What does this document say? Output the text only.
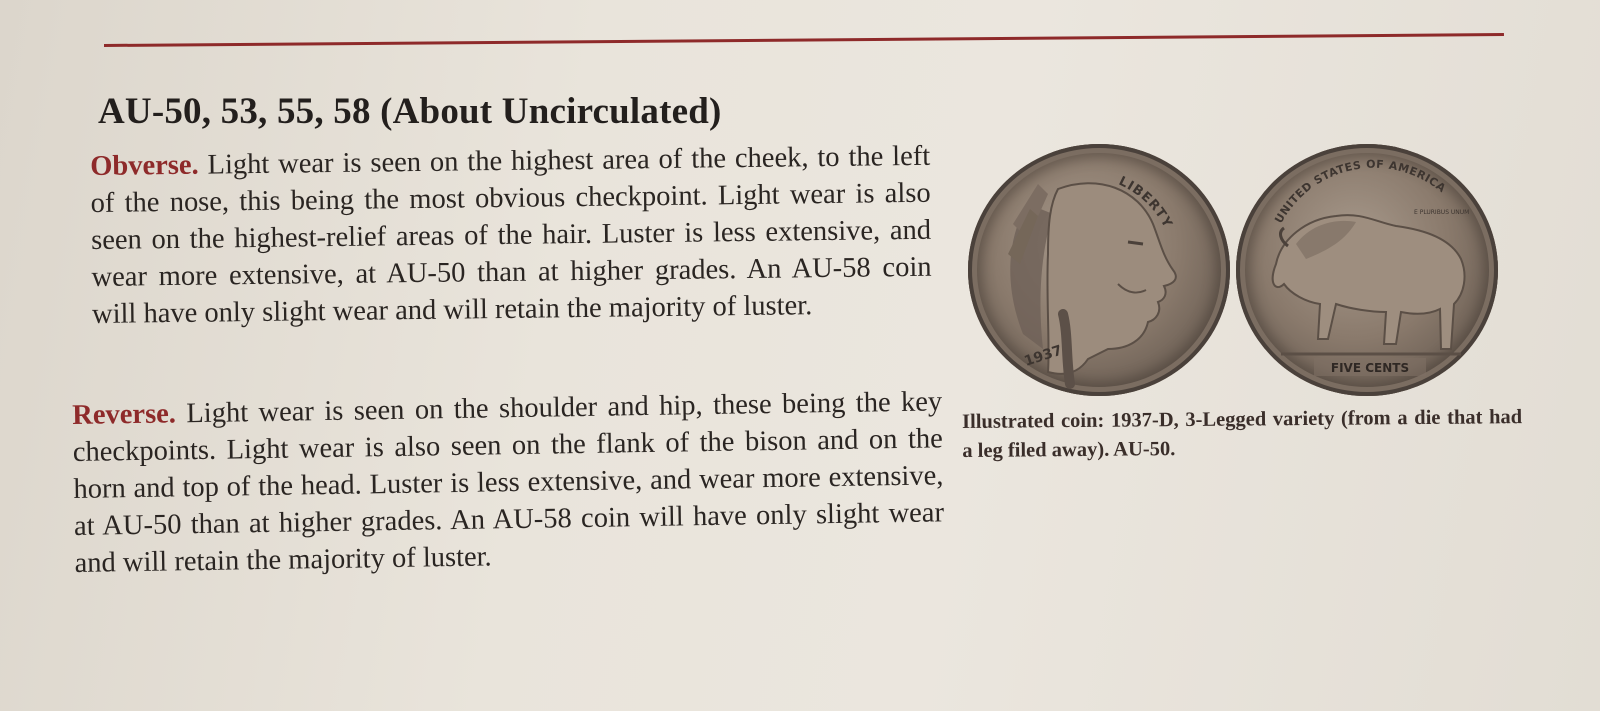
AU-50, 53, 55, 58 (About Uncirculated)

Obverse. Light wear is seen on the highest area of the cheek, to the left of the nose, this being the most obvious checkpoint. Light wear is also seen on the highest-relief areas of the hair. Luster is less extensive, and wear more extensive, at AU-50 than at higher grades. An AU-58 coin will have only slight wear and will retain the majority of luster.

Reverse. Light wear is seen on the shoulder and hip, these being the key checkpoints. Light wear is also seen on the flank of the bison and on the horn and top of the head. Luster is less extensive, and wear more extensive, at AU-50 than at higher grades. An AU-58 coin will have only slight wear and will retain the majority of luster.

LIBERTY
1937
UNITED STATES OF AMERICA
E PLURIBUS UNUM
FIVE CENTS

Illustrated coin: 1937-D, 3-Legged variety (from a die that had a leg filed away). AU-50.
